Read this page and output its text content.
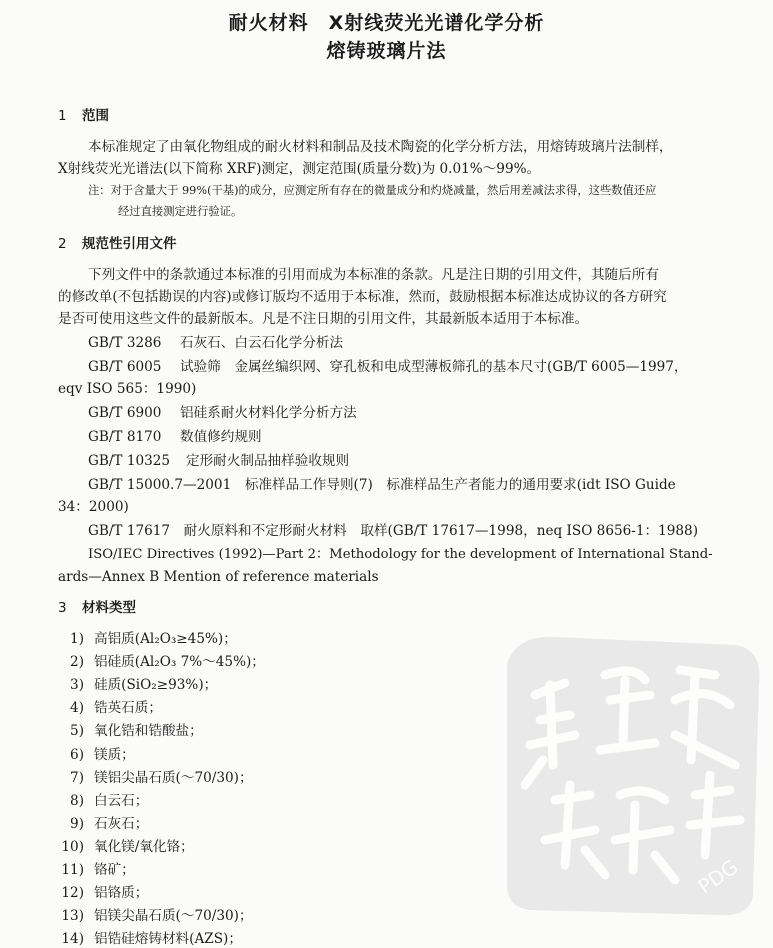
耐火材料　X射线荧光光谱化学分析
熔铸玻璃片法
1 范围
本标准规定了由氧化物组成的耐火材料和制品及技术陶瓷的化学分析方法，用熔铸玻璃片法制样，
X射线荧光光谱法(以下简称 XRF)测定，测定范围(质量分数)为 0.01%～99%。
注：对于含量大于 99%(干基)的成分，应测定所有存在的微量成分和灼烧减量，然后用差减法求得，这些数值还应
经过直接测定进行验证。
2 规范性引用文件
下列文件中的条款通过本标准的引用而成为本标准的条款。凡是注日期的引用文件，其随后所有
的修改单(不包括勘误的内容)或修订版均不适用于本标准，然而，鼓励根据本标准达成协议的各方研究
是否可使用这些文件的最新版本。凡是不注日期的引用文件，其最新版本适用于本标准。
GB/T 3286 石灰石、白云石化学分析法
GB/T 6005 试验筛　金属丝编织网、穿孔板和电成型薄板筛孔的基本尺寸(GB/T 6005—1997，
eqv ISO 565：1990)
GB/T 6900 铝硅系耐火材料化学分析方法
GB/T 8170 数值修约规则
GB/T 10325 定形耐火制品抽样验收规则
GB/T 15000.7—2001　标准样品工作导则(7)　标准样品生产者能力的通用要求(idt ISO Guide
34：2000)
GB/T 17617　耐火原料和不定形耐火材料　取样(GB/T 17617—1998，neq ISO 8656-1：1988)
ISO/IEC Directives (1992)—Part 2：Methodology for the development of International Stand-
ards—Annex B Mention of reference materials
3 材料类型
1) 高铝质(Al₂O₃≥45%)；
2) 铝硅质(Al₂O₃ 7%～45%)；
3) 硅质(SiO₂≥93%)；
4) 锆英石质；
5) 氧化锆和锆酸盐；
6) 镁质；
7) 镁铝尖晶石质(～70/30)；
8) 白云石；
9) 石灰石；
10) 氧化镁/氧化铬；
11) 铬矿；
12) 铝铬质；
13) 铝镁尖晶石质(～70/30)；
14) 铝锆硅熔铸材料(AZS)；
PDG
